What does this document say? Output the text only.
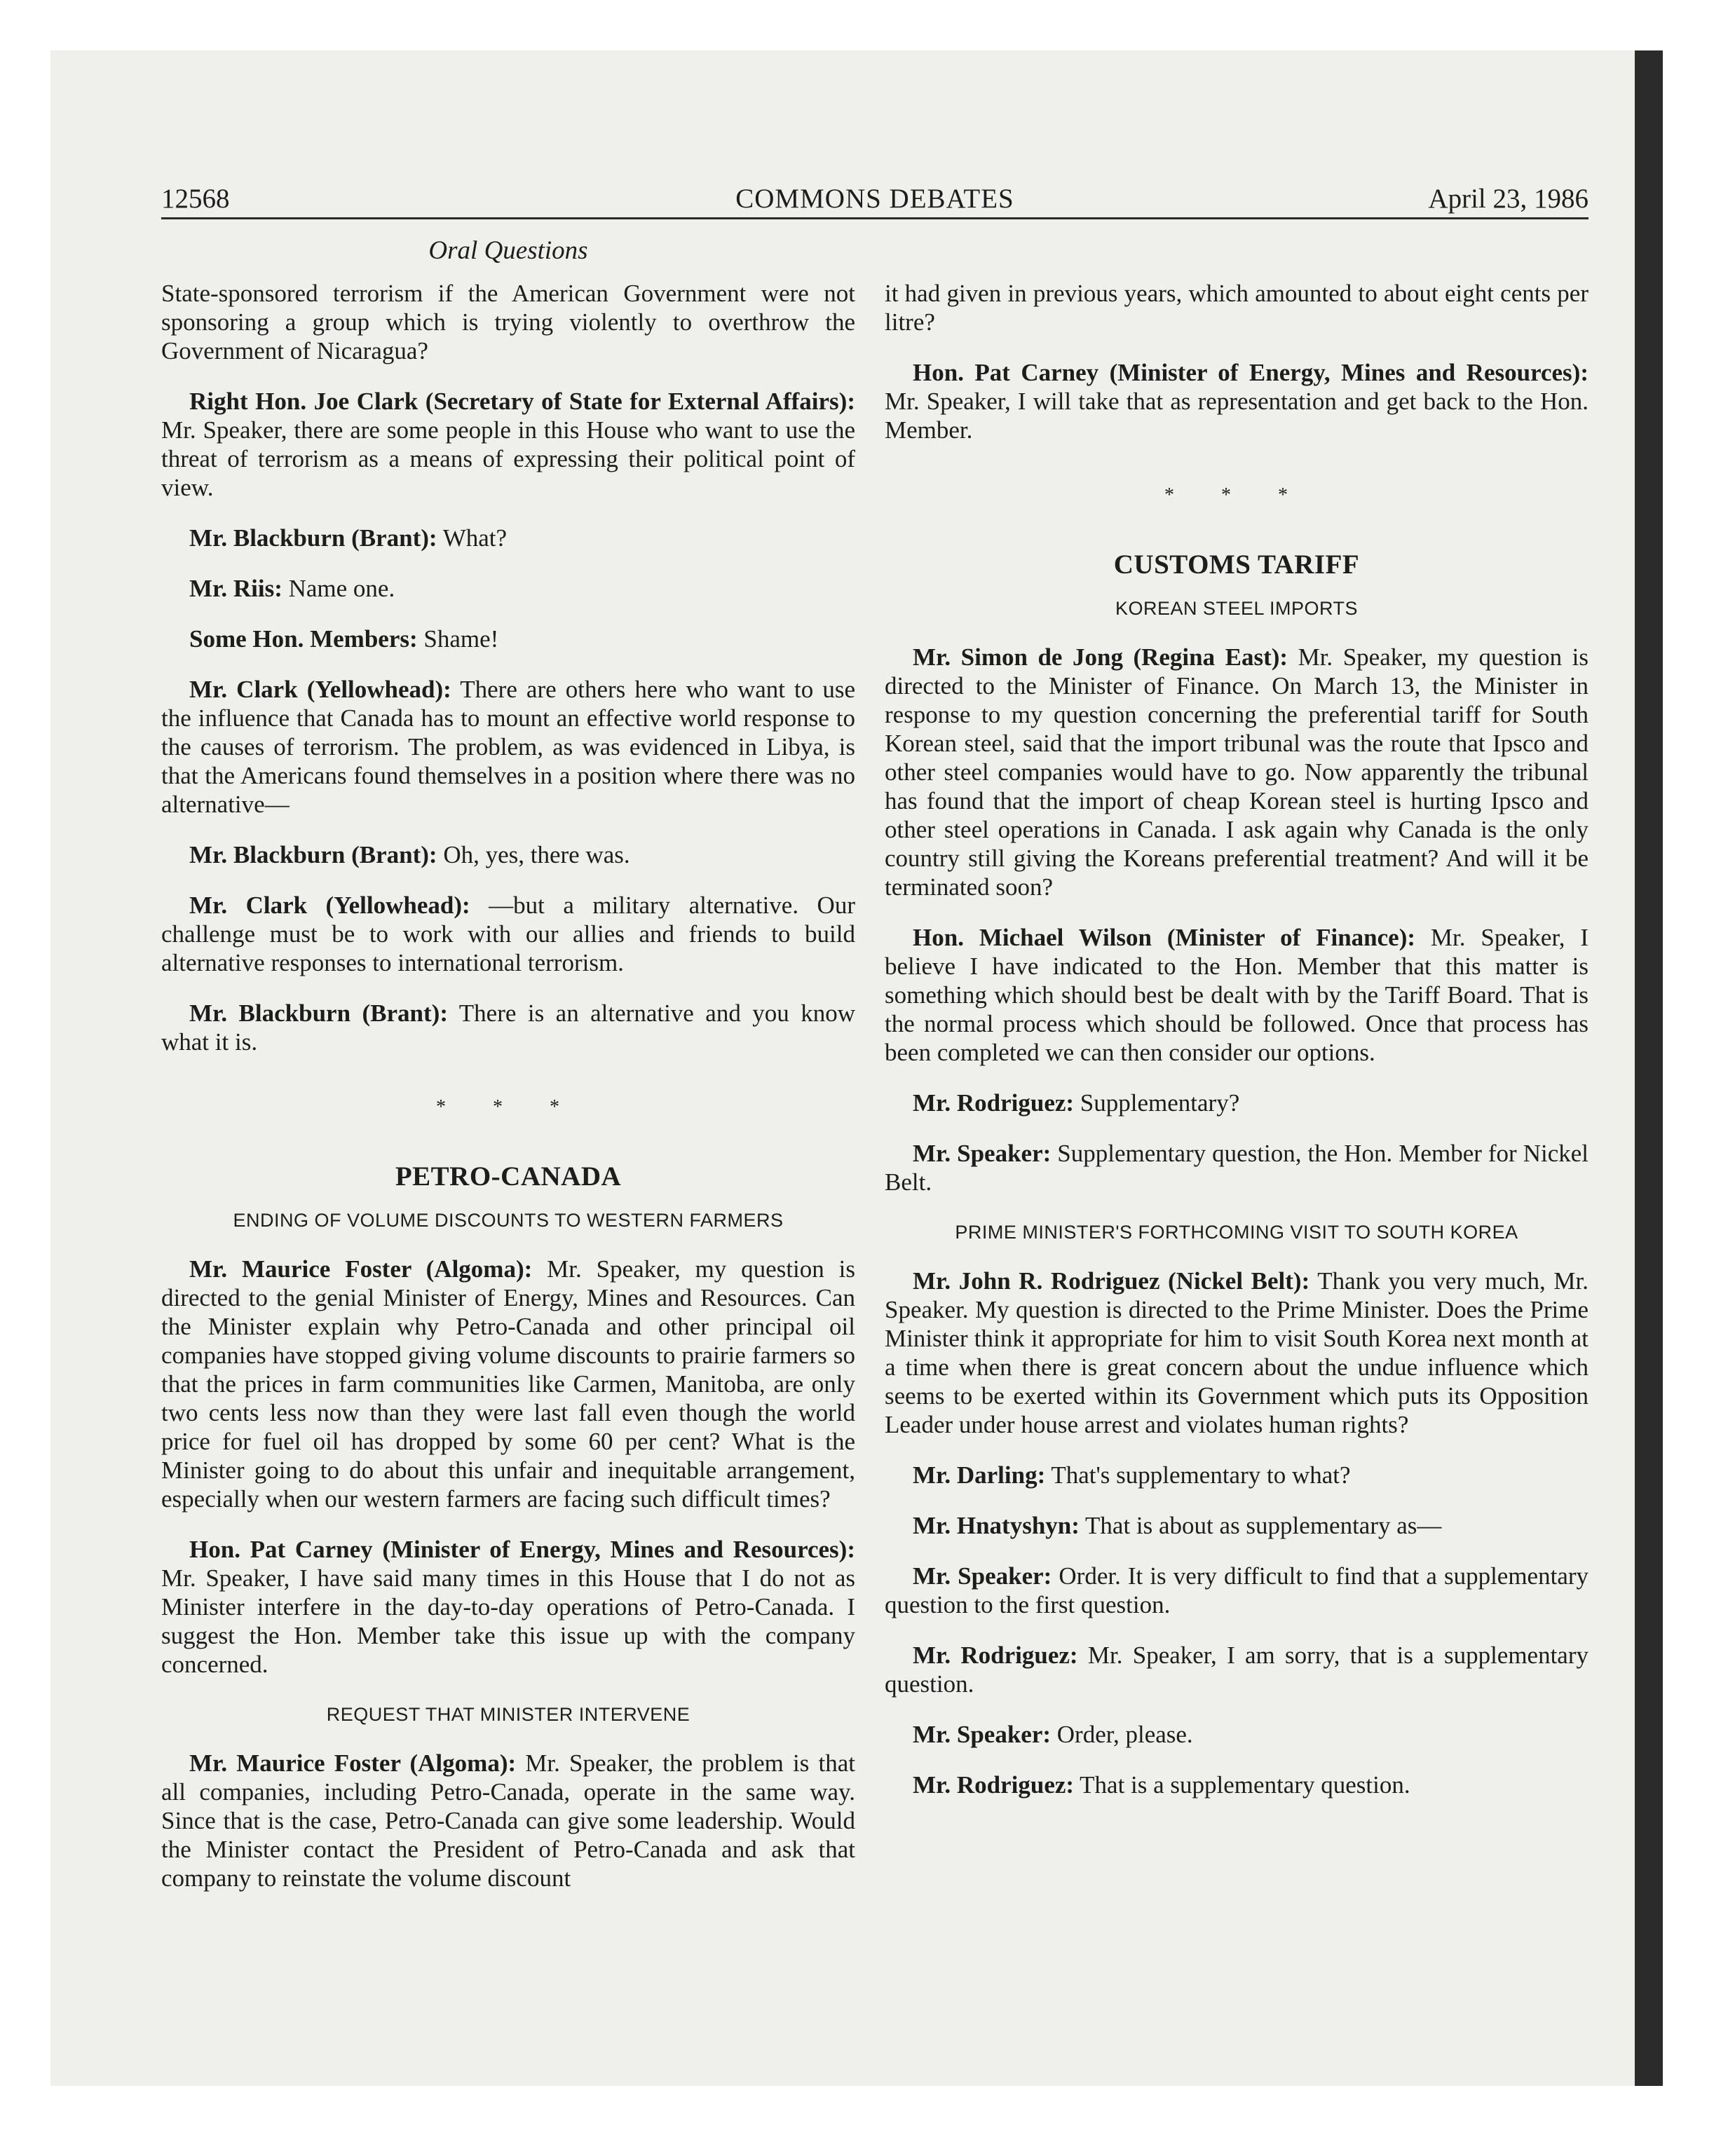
12568	COMMONS DEBATES	April 23, 1986
Oral Questions

State-sponsored terrorism if the American Government were not sponsoring a group which is trying violently to overthrow the Government of Nicaragua?

Right Hon. Joe Clark (Secretary of State for External Affairs): Mr. Speaker, there are some people in this House who want to use the threat of terrorism as a means of expressing their political point of view.

Mr. Blackburn (Brant): What?

Mr. Riis: Name one.

Some Hon. Members: Shame!

Mr. Clark (Yellowhead): There are others here who want to use the influence that Canada has to mount an effective world response to the causes of terrorism. The problem, as was evidenced in Libya, is that the Americans found themselves in a position where there was no alternative—

Mr. Blackburn (Brant): Oh, yes, there was.

Mr. Clark (Yellowhead): —but a military alternative. Our challenge must be to work with our allies and friends to build alternative responses to international terrorism.

Mr. Blackburn (Brant): There is an alternative and you know what it is.

* * *
PETRO-CANADA
ENDING OF VOLUME DISCOUNTS TO WESTERN FARMERS

Mr. Maurice Foster (Algoma): Mr. Speaker, my question is directed to the genial Minister of Energy, Mines and Resources. Can the Minister explain why Petro-Canada and other principal oil companies have stopped giving volume discounts to prairie farmers so that the prices in farm communities like Carmen, Manitoba, are only two cents less now than they were last fall even though the world price for fuel oil has dropped by some 60 per cent? What is the Minister going to do about this unfair and inequitable arrangement, especially when our western farmers are facing such difficult times?

Hon. Pat Carney (Minister of Energy, Mines and Resources): Mr. Speaker, I have said many times in this House that I do not as Minister interfere in the day-to-day operations of Petro-Canada. I suggest the Hon. Member take this issue up with the company concerned.

REQUEST THAT MINISTER INTERVENE

Mr. Maurice Foster (Algoma): Mr. Speaker, the problem is that all companies, including Petro-Canada, operate in the same way. Since that is the case, Petro-Canada can give some leadership. Would the Minister contact the President of Petro-Canada and ask that company to reinstate the volume discount

it had given in previous years, which amounted to about eight cents per litre?

Hon. Pat Carney (Minister of Energy, Mines and Resources): Mr. Speaker, I will take that as representation and get back to the Hon. Member.

* * *
CUSTOMS TARIFF
KOREAN STEEL IMPORTS

Mr. Simon de Jong (Regina East): Mr. Speaker, my question is directed to the Minister of Finance. On March 13, the Minister in response to my question concerning the preferential tariff for South Korean steel, said that the import tribunal was the route that Ipsco and other steel companies would have to go. Now apparently the tribunal has found that the import of cheap Korean steel is hurting Ipsco and other steel operations in Canada. I ask again why Canada is the only country still giving the Koreans preferential treatment? And will it be terminated soon?

Hon. Michael Wilson (Minister of Finance): Mr. Speaker, I believe I have indicated to the Hon. Member that this matter is something which should best be dealt with by the Tariff Board. That is the normal process which should be followed. Once that process has been completed we can then consider our options.

Mr. Rodriguez: Supplementary?

Mr. Speaker: Supplementary question, the Hon. Member for Nickel Belt.

PRIME MINISTER'S FORTHCOMING VISIT TO SOUTH KOREA

Mr. John R. Rodriguez (Nickel Belt): Thank you very much, Mr. Speaker. My question is directed to the Prime Minister. Does the Prime Minister think it appropriate for him to visit South Korea next month at a time when there is great concern about the undue influence which seems to be exerted within its Government which puts its Opposition Leader under house arrest and violates human rights?

Mr. Darling: That's supplementary to what?

Mr. Hnatyshyn: That is about as supplementary as—

Mr. Speaker: Order. It is very difficult to find that a supplementary question to the first question.

Mr. Rodriguez: Mr. Speaker, I am sorry, that is a supplementary question.

Mr. Speaker: Order, please.

Mr. Rodriguez: That is a supplementary question.
